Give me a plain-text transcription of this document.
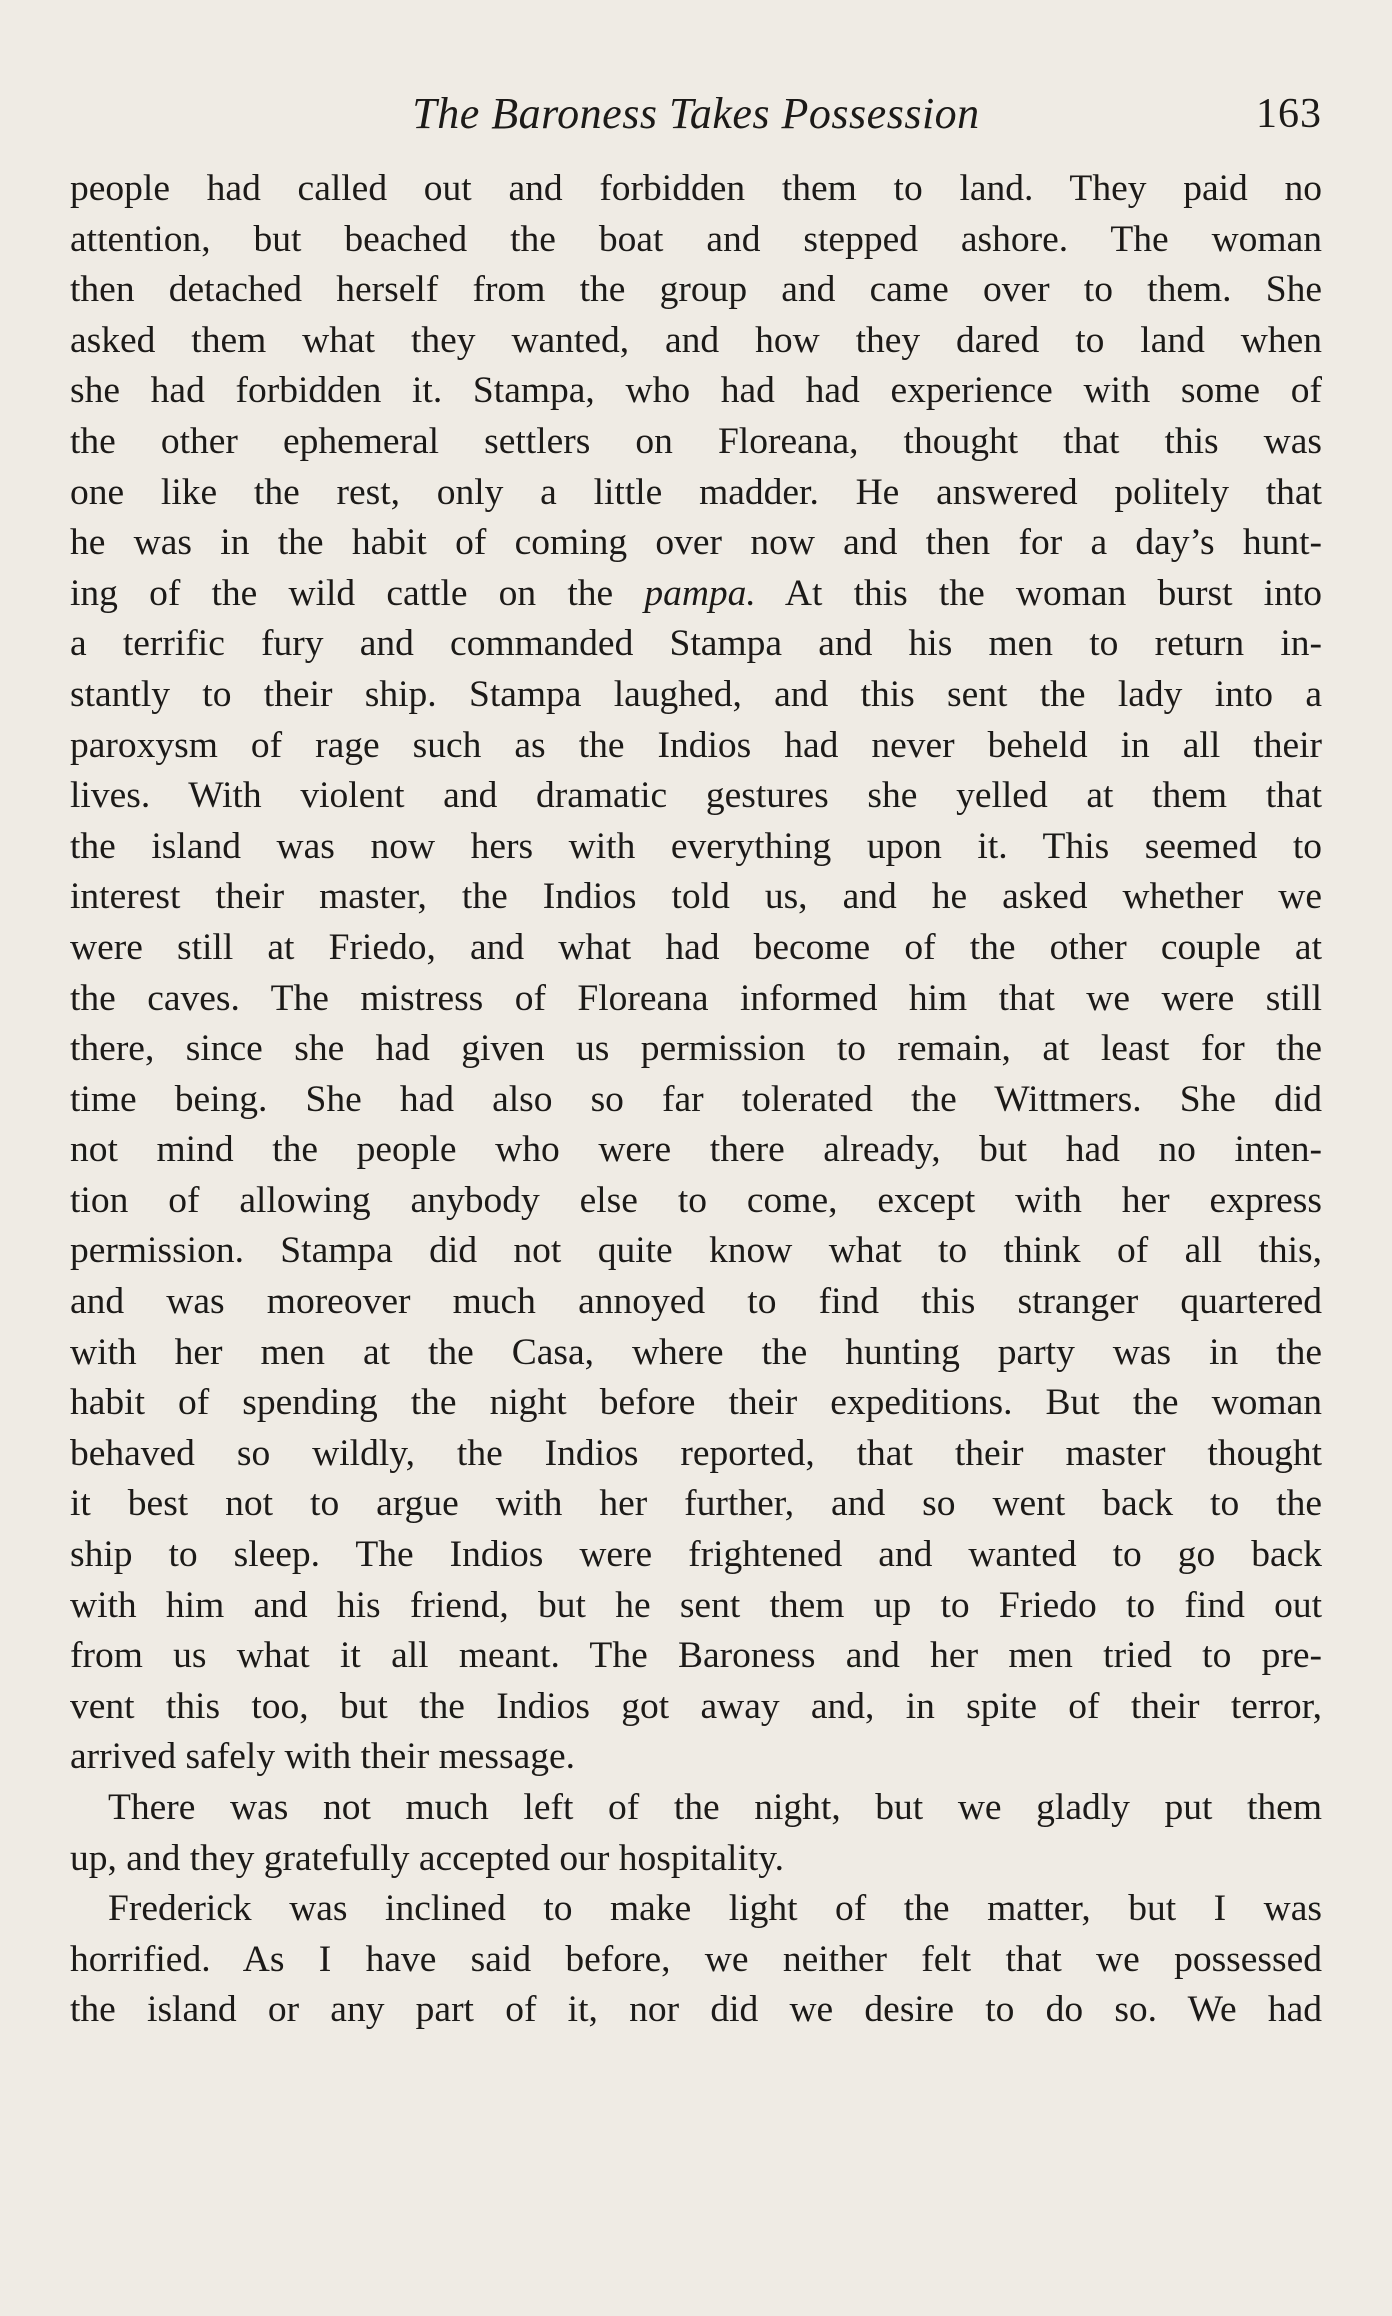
The Baroness Takes Possession	163

people had called out and forbidden them to land. They paid no
attention, but beached the boat and stepped ashore. The woman
then detached herself from the group and came over to them. She
asked them what they wanted, and how they dared to land when
she had forbidden it. Stampa, who had had experience with some of
the other ephemeral settlers on Floreana, thought that this was
one like the rest, only a little madder. He answered politely that
he was in the habit of coming over now and then for a day’s hunt-
ing of the wild cattle on the pampa. At this the woman burst into
a terrific fury and commanded Stampa and his men to return in-
stantly to their ship. Stampa laughed, and this sent the lady into a
paroxysm of rage such as the Indios had never beheld in all their
lives. With violent and dramatic gestures she yelled at them that
the island was now hers with everything upon it. This seemed to
interest their master, the Indios told us, and he asked whether we
were still at Friedo, and what had become of the other couple at
the caves. The mistress of Floreana informed him that we were still
there, since she had given us permission to remain, at least for the
time being. She had also so far tolerated the Wittmers. She did
not mind the people who were there already, but had no inten-
tion of allowing anybody else to come, except with her express
permission. Stampa did not quite know what to think of all this,
and was moreover much annoyed to find this stranger quartered
with her men at the Casa, where the hunting party was in the
habit of spending the night before their expeditions. But the woman
behaved so wildly, the Indios reported, that their master thought
it best not to argue with her further, and so went back to the
ship to sleep. The Indios were frightened and wanted to go back
with him and his friend, but he sent them up to Friedo to find out
from us what it all meant. The Baroness and her men tried to pre-
vent this too, but the Indios got away and, in spite of their terror,
arrived safely with their message.

There was not much left of the night, but we gladly put them
up, and they gratefully accepted our hospitality.

Frederick was inclined to make light of the matter, but I was
horrified. As I have said before, we neither felt that we possessed
the island or any part of it, nor did we desire to do so. We had
